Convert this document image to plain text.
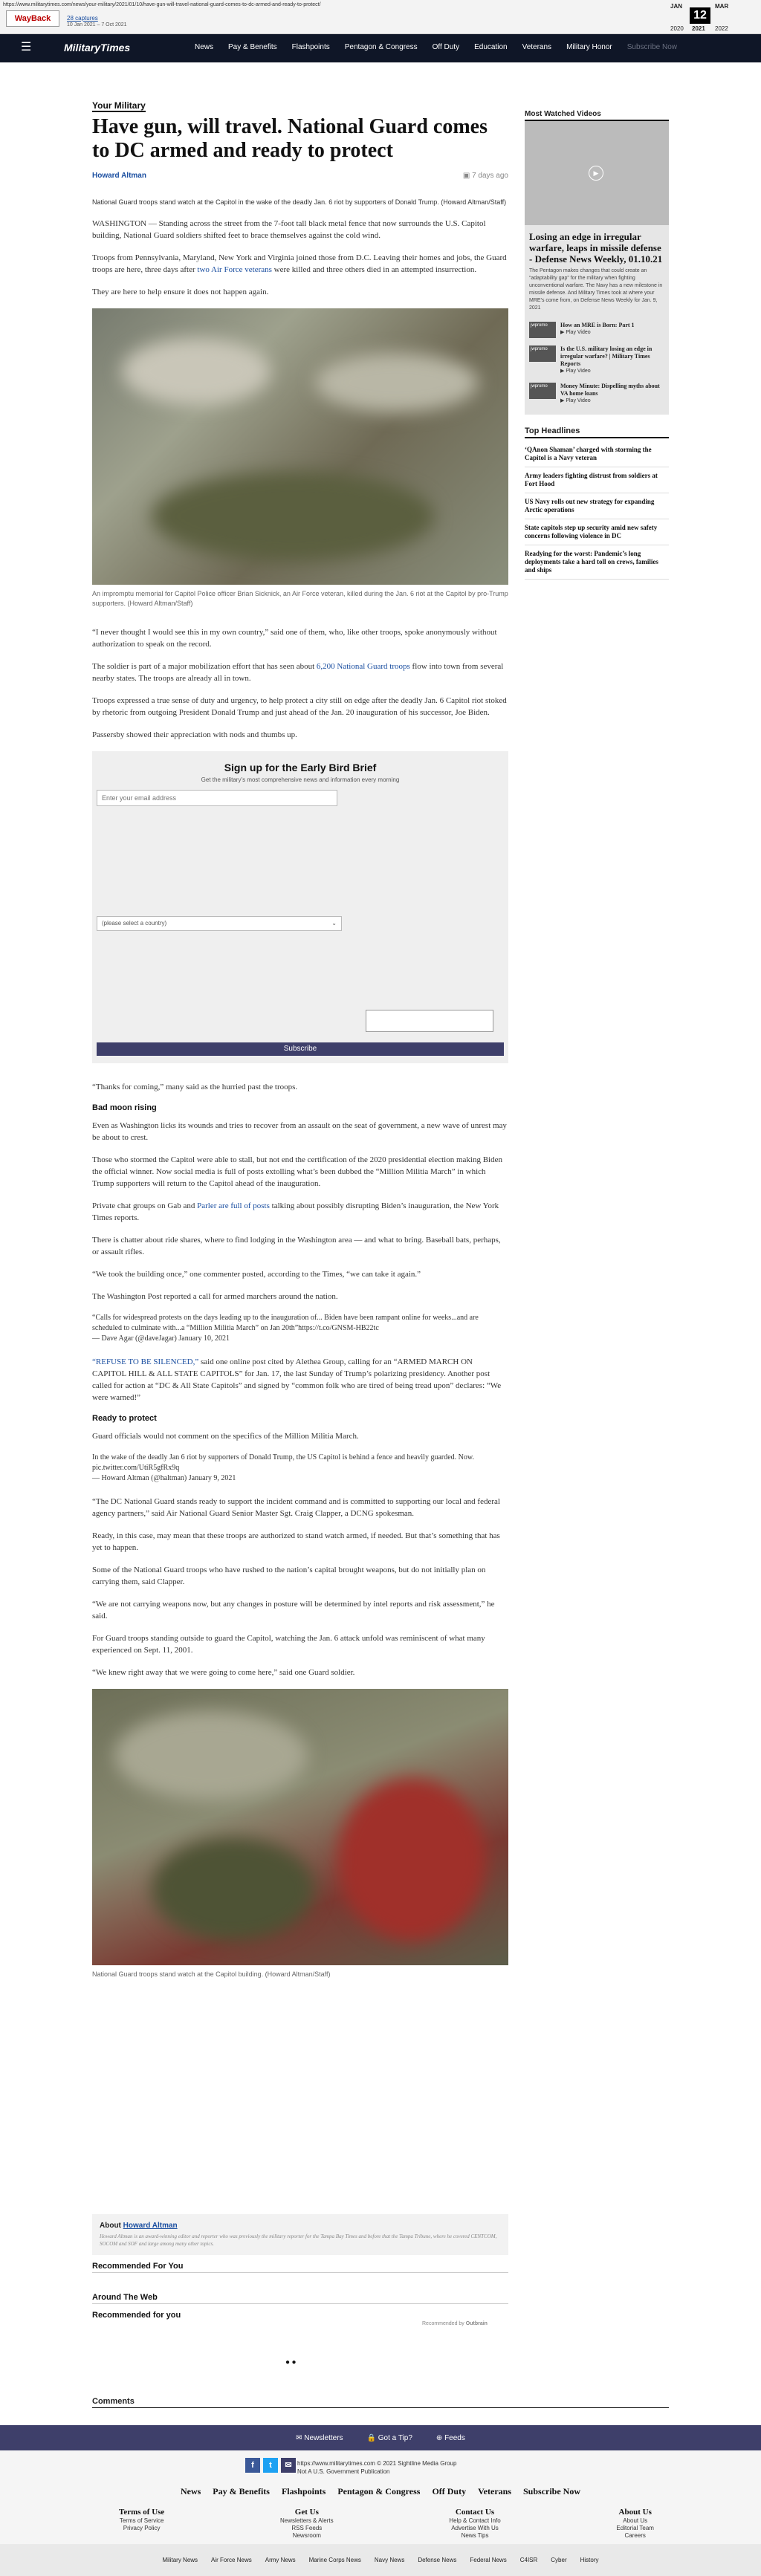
https://www.militarytimes.com/news/your-military/2021/01/10/have-gun-will-travel-national-guard-comes-to-dc-armed-and-ready-to-protect/
WayBack	28 captures
10 Jan 2021 – 7 Oct 2021
JAN	MAR
12
2020 2021 2022
☰	MilitaryTimes	News Pay & Benefits Flashpoints Pentagon & Congress Off Duty Education Veterans Military Honor Subscribe Now
Your Military
Have gun, will travel. National Guard comes to DC armed and ready to protect
Howard Altman	▣ 7 days ago

National Guard troops stand watch at the Capitol in the wake of the deadly Jan. 6 riot by supporters of Donald Trump. (Howard Altman/Staff)

WASHINGTON — Standing across the street from the 7-foot tall black metal fence that now surrounds the U.S. Capitol building, National Guard soldiers shifted feet to brace themselves against the cold wind.

Troops from Pennsylvania, Maryland, New York and Virginia joined those from D.C. Leaving their homes and jobs, the Guard troops are here, three days after two Air Force veterans were killed and three others died in an attempted insurrection.

They are here to help ensure it does not happen again.

An impromptu memorial for Capitol Police officer Brian Sicknick, an Air Force veteran, killed during the Jan. 6 riot at the Capitol by pro-Trump supporters. (Howard Altman/Staff)

“I never thought I would see this in my own country,” said one of them, who, like other troops, spoke anonymously without authorization to speak on the record.

The soldier is part of a major mobilization effort that has seen about 6,200 National Guard troops flow into town from several nearby states. The troops are already all in town.

Troops expressed a true sense of duty and urgency, to help protect a city still on edge after the deadly Jan. 6 Capitol riot stoked by rhetoric from outgoing President Donald Trump and just ahead of the Jan. 20 inauguration of his successor, Joe Biden.

Passersby showed their appreciation with nods and thumbs up.

Sign up for the Early Bird Brief
Get the military’s most comprehensive news and information every morning
Enter your email address
(please select a country)	⌄
Subscribe

“Thanks for coming,” many said as the hurried past the troops.

Bad moon rising

Even as Washington licks its wounds and tries to recover from an assault on the seat of government, a new wave of unrest may be about to crest.

Those who stormed the Capitol were able to stall, but not end the certification of the 2020 presidential election making Biden the official winner. Now social media is full of posts extolling what’s been dubbed the “Million Militia March” in which Trump supporters will return to the Capitol ahead of the inauguration.

Private chat groups on Gab and Parler are full of posts talking about possibly disrupting Biden’s inauguration, the New York Times reports.

There is chatter about ride shares, where to find lodging in the Washington area — and what to bring. Baseball bats, perhaps, or assault rifles.

“We took the building once,” one commenter posted, according to the Times, “we can take it again.”

The Washington Post reported a call for armed marchers around the nation.

“Calls for widespread protests on the days leading up to the inauguration of... Biden have been rampant online for weeks...and are scheduled to culminate with...a “Million Militia March” on Jan 20th”https://t.co/GNSM-HB22tc
— Dave Agar (@daveJagar) January 10, 2021

“REFUSE TO BE SILENCED,” said one online post cited by Alethea Group, calling for an “ARMED MARCH ON CAPITOL HILL & ALL STATE CAPITOLS” for Jan. 17, the last Sunday of Trump’s polarizing presidency. Another post called for action at “DC & All State Capitols” and signed by “common folk who are tired of being tread upon” declares: “We were warned!”

Ready to protect

Guard officials would not comment on the specifics of the Million Militia March.

In the wake of the deadly Jan 6 riot by supporters of Donald Trump, the US Capitol is behind a fence and heavily guarded. Now. pic.twitter.com/UtiR5gfRx9q
— Howard Altman (@haltman) January 9, 2021

“The DC National Guard stands ready to support the incident command and is committed to supporting our local and federal agency partners,” said Air National Guard Senior Master Sgt. Craig Clapper, a DCNG spokesman.

Ready, in this case, may mean that these troops are authorized to stand watch armed, if needed. But that’s something that has yet to happen.

Some of the National Guard troops who have rushed to the nation’s capital brought weapons, but do not initially plan on carrying them, said Clapper.

“We are not carrying weapons now, but any changes in posture will be determined by intel reports and risk assessment,” he said.

For Guard troops standing outside to guard the Capitol, watching the Jan. 6 attack unfold was reminiscent of what many experienced on Sept. 11, 2001.

“We knew right away that we were going to come here,” said one Guard soldier.

National Guard troops stand watch at the Capitol building. (Howard Altman/Staff)

Most Watched Videos
▶
Losing an edge in irregular warfare, leaps in missile defense - Defense News Weekly, 01.10.21
The Pentagon makes changes that could create an “adaptability gap” for the military when fighting unconventional warfare. The Navy has a new milestone in missile defense. And Military Times took at where your MRE’s come from, on Defense News Weekly for Jan. 9, 2021
jwpromo	How an MRE is Born: Part 1
▶ Play Video
jwpromo	Is the U.S. military losing an edge in irregular warfare? | Military Times Reports
▶ Play Video
jwpromo	Money Minute: Dispelling myths about VA home loans
▶ Play Video
Top Headlines
‘QAnon Shaman’ charged with storming the Capitol is a Navy veteran
Army leaders fighting distrust from soldiers at Fort Hood
US Navy rolls out new strategy for expanding Arctic operations
State capitols step up security amid new safety concerns following violence in DC
Readying for the worst: Pandemic’s long deployments take a hard toll on crews, families and ships
About Howard Altman
Howard Altman is an award-winning editor and reporter who was previously the military reporter for the Tampa Bay Times and before that the Tampa Tribune, where he covered CENTCOM, SOCOM and SOF and large among many other topics.
Recommended For You
Around The Web
Recommended for you
Recommended by Outbrain
● ●
Comments
✉ Newsletters	🔒 Got a Tip?	⊕ Feeds
f	t	✉ https://www.militarytimes.com © 2021 Sightline Media Group
Not A U.S. Government Publication
News Pay & Benefits Flashpoints Pentagon & Congress Off Duty Veterans Subscribe Now
Terms of Use
Terms of Service
Privacy Policy
Get Us
Newsletters & Alerts
RSS Feeds
Newsroom
Contact Us
Help & Contact Info
Advertise With Us
News Tips
About Us
About Us
Editorial Team
Careers
Military News Air Force News Army News Marine Corps News Navy News Defense News Federal News C4ISR Cyber History
